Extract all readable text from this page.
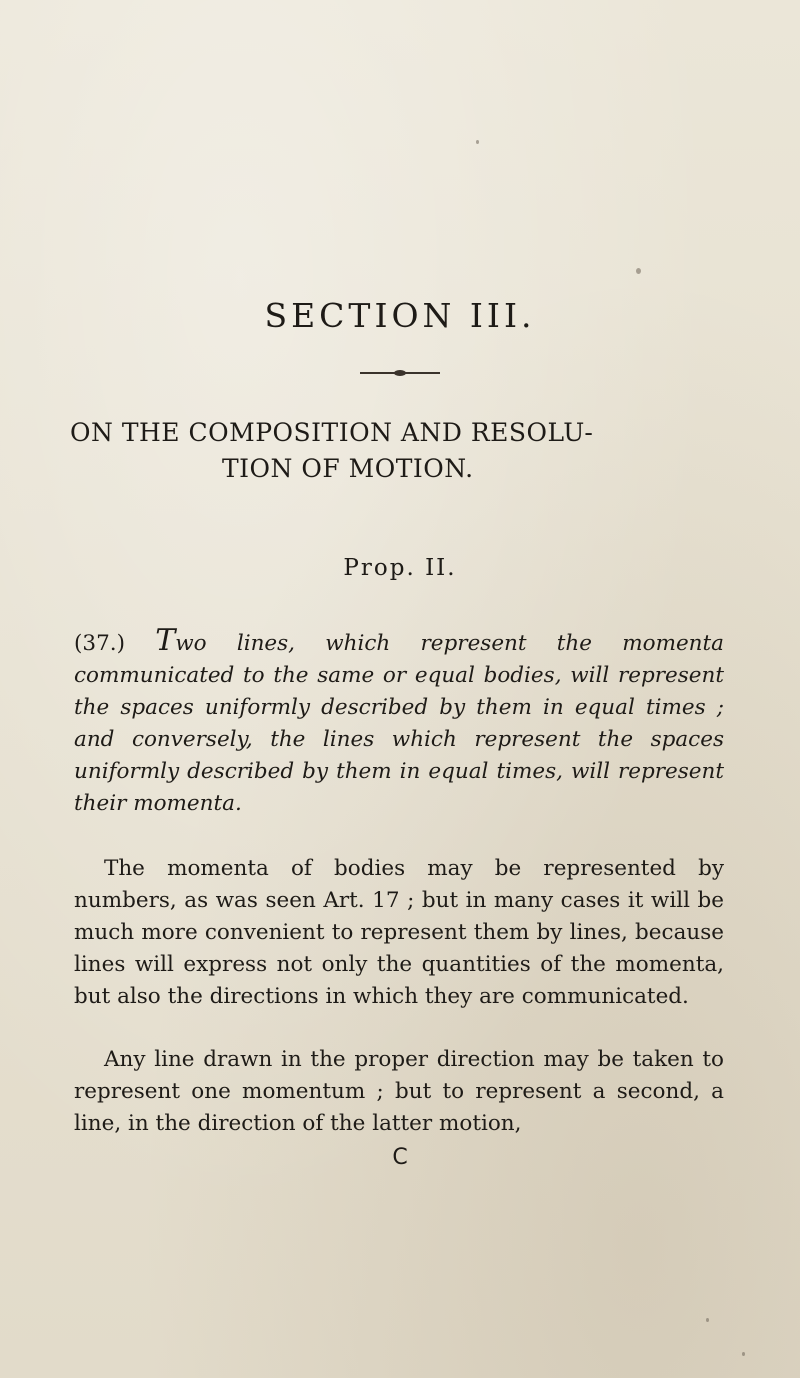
SECTION III.
ON THE COMPOSITION AND RESOLU-
TION OF MOTION.
Prop. II.

(37.) Two lines, which represent the momenta communicated to the same or equal bodies, will represent the spaces uniformly described by them in equal times ; and conversely, the lines which represent the spaces uniformly described by them in equal times, will represent their momenta.

The momenta of bodies may be represented by numbers, as was seen Art. 17 ; but in many cases it will be much more convenient to represent them by lines, because lines will express not only the quantities of the momenta, but also the directions in which they are communicated.

Any line drawn in the proper direction may be taken to represent one momentum ; but to represent a second, a line, in the direction of the latter motion,

C
